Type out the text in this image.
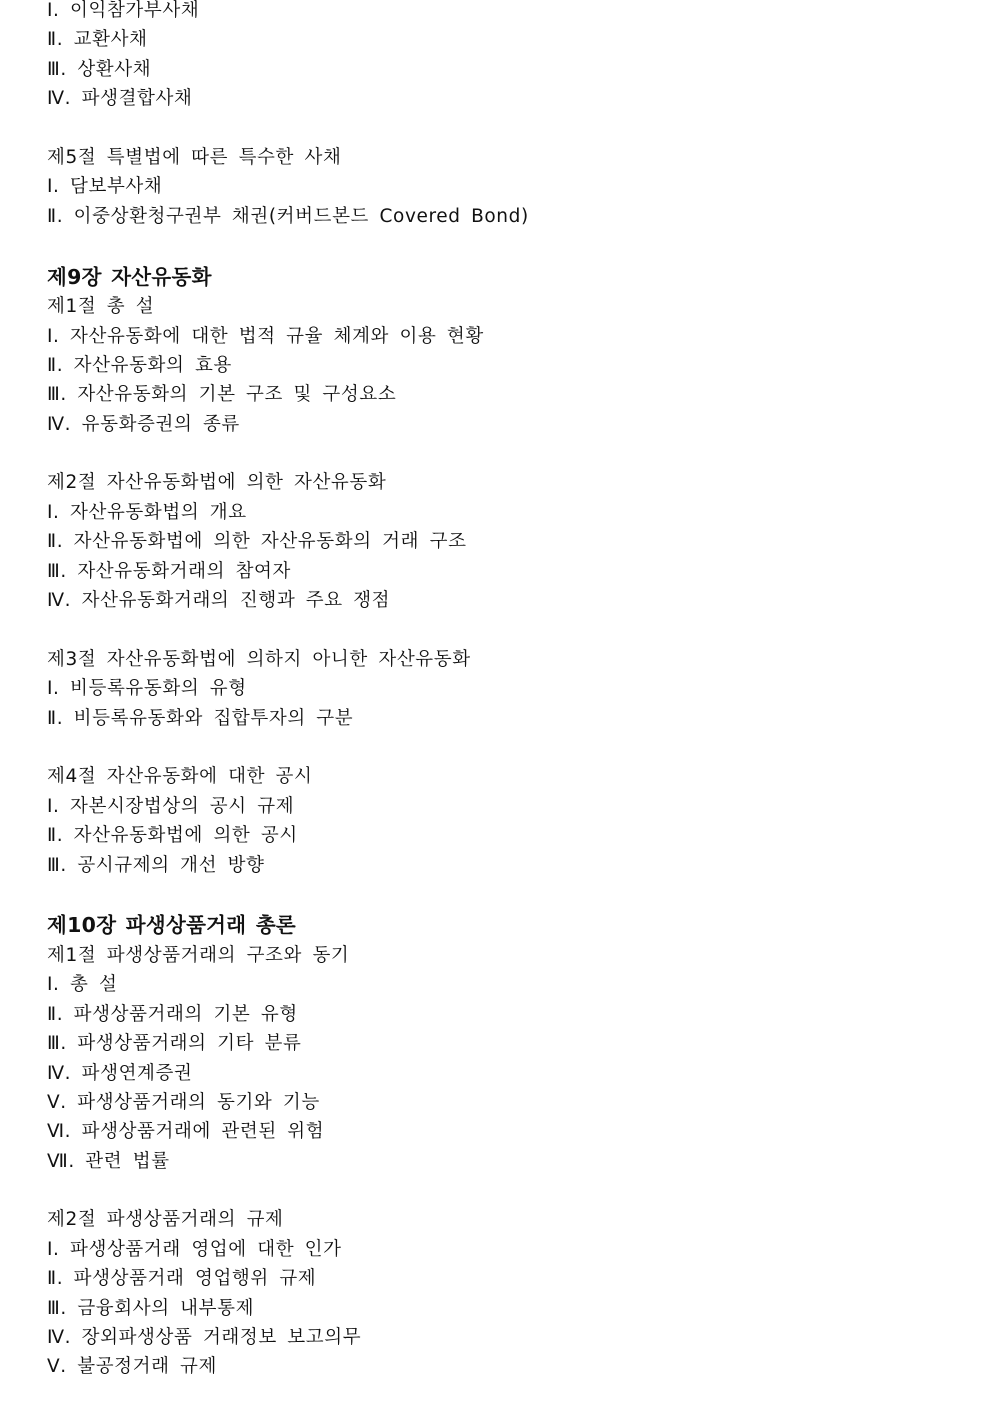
Ⅰ. 이익참가부사채
Ⅱ. 교환사채
Ⅲ. 상환사채
Ⅳ. 파생결합사채
제5절 특별법에 따른 특수한 사채
Ⅰ. 담보부사채
Ⅱ. 이중상환청구권부 채권(커버드본드 Covered Bond)
제9장 자산유동화
제1절 총 설
Ⅰ. 자산유동화에 대한 법적 규율 체계와 이용 현황
Ⅱ. 자산유동화의 효용
Ⅲ. 자산유동화의 기본 구조 및 구성요소
Ⅳ. 유동화증권의 종류
제2절 자산유동화법에 의한 자산유동화
Ⅰ. 자산유동화법의 개요
Ⅱ. 자산유동화법에 의한 자산유동화의 거래 구조
Ⅲ. 자산유동화거래의 참여자
Ⅳ. 자산유동화거래의 진행과 주요 쟁점
제3절 자산유동화법에 의하지 아니한 자산유동화
Ⅰ. 비등록유동화의 유형
Ⅱ. 비등록유동화와 집합투자의 구분
제4절 자산유동화에 대한 공시
Ⅰ. 자본시장법상의 공시 규제
Ⅱ. 자산유동화법에 의한 공시
Ⅲ. 공시규제의 개선 방향
제10장 파생상품거래 총론
제1절 파생상품거래의 구조와 동기
Ⅰ. 총 설
Ⅱ. 파생상품거래의 기본 유형
Ⅲ. 파생상품거래의 기타 분류
Ⅳ. 파생연계증권
Ⅴ. 파생상품거래의 동기와 기능
Ⅵ. 파생상품거래에 관련된 위험
Ⅶ. 관련 법률
제2절 파생상품거래의 규제
Ⅰ. 파생상품거래 영업에 대한 인가
Ⅱ. 파생상품거래 영업행위 규제
Ⅲ. 금융회사의 내부통제
Ⅳ. 장외파생상품 거래정보 보고의무
Ⅴ. 불공정거래 규제
